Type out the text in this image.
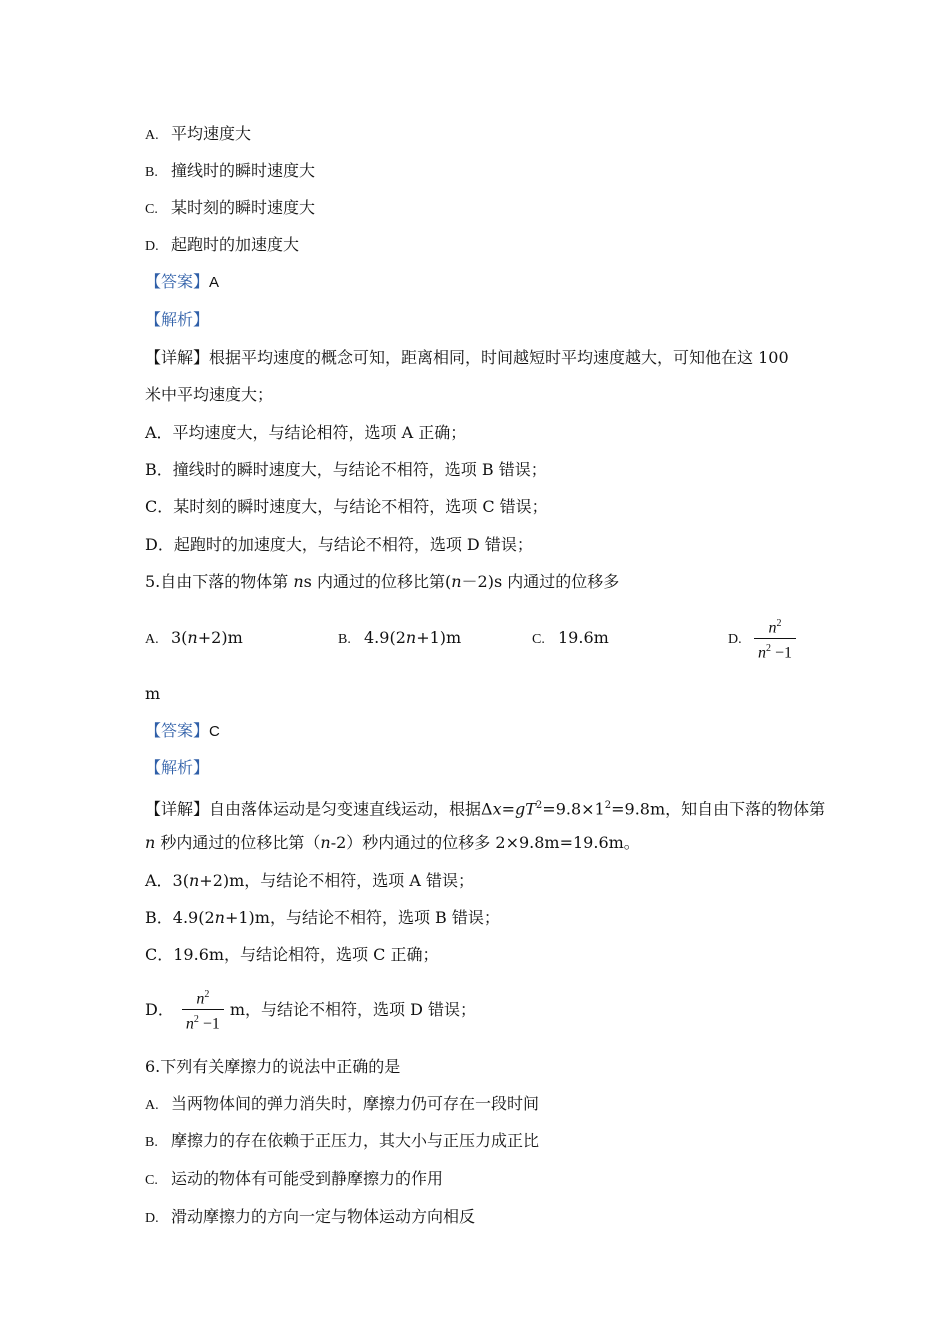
A. 平均速度大
B. 撞线时的瞬时速度大
C. 某时刻的瞬时速度大
D. 起跑时的加速度大
【答案】A
【解析】
【详解】根据平均速度的概念可知，距离相同，时间越短时平均速度越大，可知他在这 100
米中平均速度大；
A．平均速度大，与结论相符，选项 A 正确；
B．撞线时的瞬时速度大，与结论不相符，选项 B 错误；
C．某时刻的瞬时速度大，与结论不相符，选项 C 错误；
D．起跑时的加速度大，与结论不相符，选项 D 错误；
5.自由下落的物体第 ns 内通过的位移比第(n－2)s 内通过的位移多
A. 3(n+2)m	B. 4.9(2n+1)m	C. 19.6m	D. $\frac{n^2}{n^2 -1}$
m
【答案】C
【解析】
【详解】自由落体运动是匀变速直线运动，根据$\Delta x=gT^2=9.8\times 1^2=9.8m$，知自由下落的物体第
n 秒内通过的位移比第（n-2）秒内通过的位移多 2×9.8m=19.6m。
A．3(n+2)m，与结论不相符，选项 A 错误；
B．4.9(2n+1)m，与结论不相符，选项 B 错误；
C．19.6m，与结论相符，选项 C 正确；
D． $\frac{n^2}{n^2 -1}$ m，与结论不相符，选项 D 错误；
6.下列有关摩擦力的说法中正确的是
A. 当两物体间的弹力消失时，摩擦力仍可存在一段时间
B. 摩擦力的存在依赖于正压力，其大小与正压力成正比
C. 运动的物体有可能受到静摩擦力的作用
D. 滑动摩擦力的方向一定与物体运动方向相反
